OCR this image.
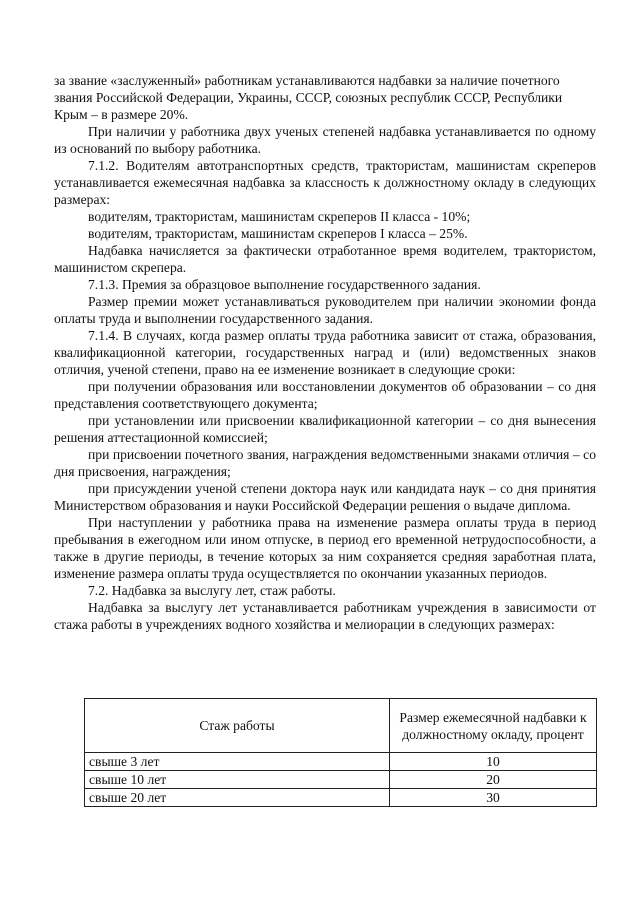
за звание «заслуженный» работникам устанавливаются надбавки за наличие почетного звания Российской Федерации, Украины, СССР, союзных республик СССР, Республики Крым – в размере 20%.

При наличии у работника двух ученых степеней надбавка устанавливается по одному из оснований по выбору работника.

7.1.2. Водителям автотранспортных средств, трактористам, машинистам скреперов устанавливается ежемесячная надбавка за классность к должностному окладу в следующих размерах:

водителям, трактористам, машинистам скреперов II класса - 10%;

водителям, трактористам, машинистам скреперов I класса – 25%.

Надбавка начисляется за фактически отработанное время водителем, трактористом, машинистом скрепера.

7.1.3. Премия за образцовое выполнение государственного задания.

Размер премии может устанавливаться руководителем при наличии экономии фонда оплаты труда и выполнении государственного задания.

7.1.4. В случаях, когда размер оплаты труда работника зависит от стажа, образования, квалификационной категории, государственных наград и (или) ведомственных знаков отличия, ученой степени, право на ее изменение возникает в следующие сроки:

при получении образования или восстановлении документов об образовании – со дня представления соответствующего документа;

при установлении или присвоении квалификационной категории – со дня вынесения решения аттестационной комиссией;

при присвоении почетного звания, награждения ведомственными знаками отличия – со дня присвоения, награждения;

при присуждении ученой степени доктора наук или кандидата наук – со дня принятия Министерством образования и науки Российской Федерации решения о выдаче диплома.

При наступлении у работника права на изменение размера оплаты труда в период пребывания в ежегодном или ином отпуске, в период его временной нетрудоспособности, а также в другие периоды, в течение которых за ним сохраняется средняя заработная плата, изменение размера оплаты труда осуществляется по окончании указанных периодов.

7.2. Надбавка за выслугу лет, стаж работы.

Надбавка за выслугу лет устанавливается работникам учреждения в зависимости от стажа работы в учреждениях водного хозяйства и мелиорации в следующих размерах:

Стаж работы	Размер ежемесячной надбавки к должностному окладу, процент
свыше 3 лет	10
свыше 10 лет	20
свыше 20 лет	30
